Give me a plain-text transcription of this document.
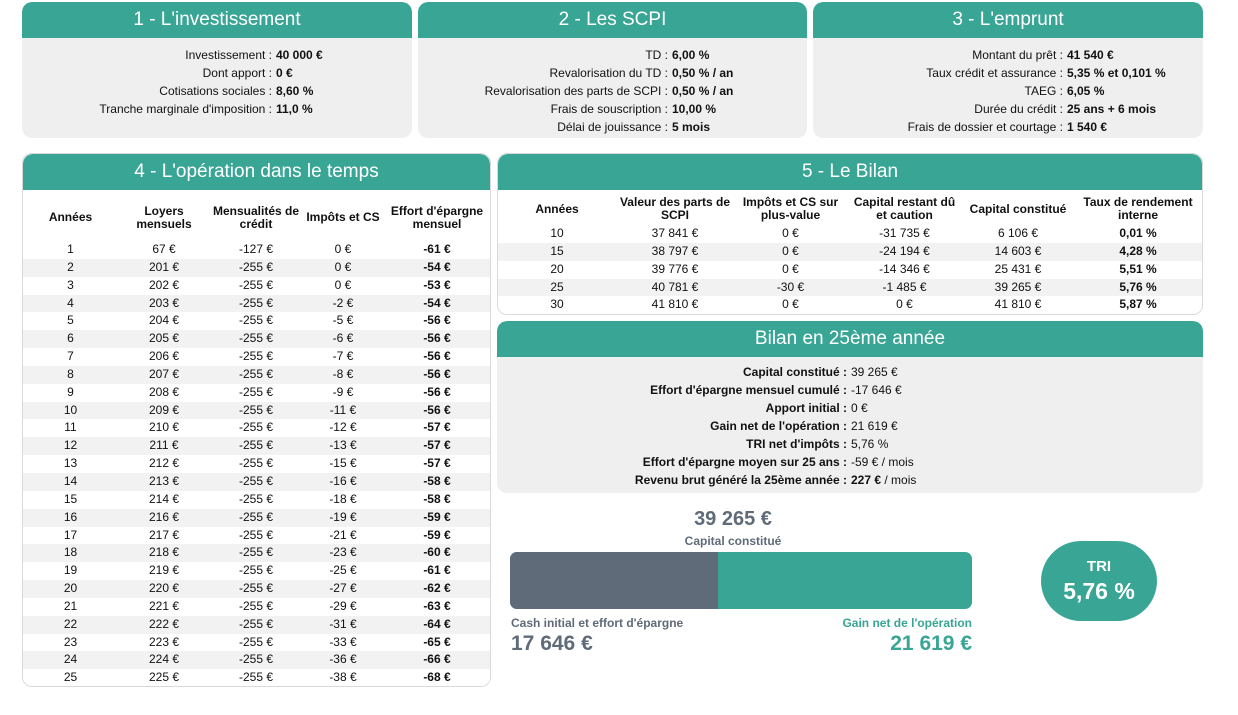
1 - L'investissement
Investissement : 40 000 €
Dont apport : 0 €
Cotisations sociales : 8,60 %
Tranche marginale d'imposition : 11,0 %
2 - Les SCPI
TD : 6,00 %
Revalorisation du TD : 0,50 % / an
Revalorisation des parts de SCPI : 0,50 % / an
Frais de souscription : 10,00 %
Délai de jouissance : 5 mois
3 - L'emprunt
Montant du prêt : 41 540 €
Taux crédit et assurance : 5,35 % et 0,101 %
TAEG : 6,05 %
Durée du crédit : 25 ans + 6 mois
Frais de dossier et courtage : 1 540 €
4 - L'opération dans le temps
Années	Loyers mensuels	Mensualités de crédit	Impôts et CS	Effort d'épargne mensuel
1	67 €	-127 €	0 €	-61 €
2	201 €	-255 €	0 €	-54 €
3	202 €	-255 €	0 €	-53 €
4	203 €	-255 €	-2 €	-54 €
5	204 €	-255 €	-5 €	-56 €
6	205 €	-255 €	-6 €	-56 €
7	206 €	-255 €	-7 €	-56 €
8	207 €	-255 €	-8 €	-56 €
9	208 €	-255 €	-9 €	-56 €
10	209 €	-255 €	-11 €	-56 €
11	210 €	-255 €	-12 €	-57 €
12	211 €	-255 €	-13 €	-57 €
13	212 €	-255 €	-15 €	-57 €
14	213 €	-255 €	-16 €	-58 €
15	214 €	-255 €	-18 €	-58 €
16	216 €	-255 €	-19 €	-59 €
17	217 €	-255 €	-21 €	-59 €
18	218 €	-255 €	-23 €	-60 €
19	219 €	-255 €	-25 €	-61 €
20	220 €	-255 €	-27 €	-62 €
21	221 €	-255 €	-29 €	-63 €
22	222 €	-255 €	-31 €	-64 €
23	223 €	-255 €	-33 €	-65 €
24	224 €	-255 €	-36 €	-66 €
25	225 €	-255 €	-38 €	-68 €
5 - Le Bilan
Années	Valeur des parts de SCPI	Impôts et CS sur plus-value	Capital restant dû et caution	Capital constitué	Taux de rendement interne
10	37 841 €	0 €	-31 735 €	6 106 €	0,01 %
15	38 797 €	0 €	-24 194 €	14 603 €	4,28 %
20	39 776 €	0 €	-14 346 €	25 431 €	5,51 %
25	40 781 €	-30 €	-1 485 €	39 265 €	5,76 %
30	41 810 €	0 €	0 €	41 810 €	5,87 %
Bilan en 25ème année
Capital constitué : 39 265 €
Effort d'épargne mensuel cumulé : -17 646 €
Apport initial : 0 €
Gain net de l'opération : 21 619 €
TRI net d'impôts : 5,76 %
Effort d'épargne moyen sur 25 ans : -59 € / mois
Revenu brut généré la 25ème année : 227 € / mois
39 265 €
Capital constitué
Cash initial et effort d'épargne
17 646 €
Gain net de l'opération
21 619 €
TRI
5,76 %
